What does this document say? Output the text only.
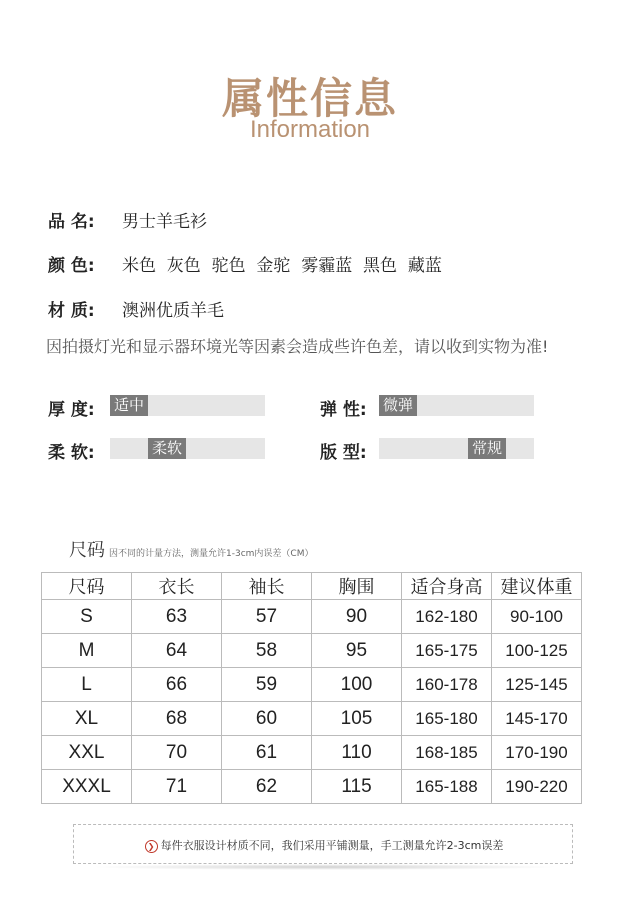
属性信息
Information
品 名: 男士羊毛衫
颜 色: 米色  灰色  驼色  金驼  雾霾蓝  黑色  藏蓝
材 质: 澳洲优质羊毛
因拍摄灯光和显示器环境光等因素会造成些许色差，请以收到实物为准!
厚 度: 适中	弹 性: 微弹
柔 软:	柔软	版 型:	常规
尺码 因不同的计量方法，测量允许1-3cm内误差（CM）
尺码	衣长	袖长	胸围	适合身高	建议体重
S	63	57	90	162-180	90-100
M	64	58	95	165-175	100-125
L	66	59	100	160-178	125-145
XL	68	60	105	165-180	145-170
XXL	70	61	110	168-185	170-190
XXXL	71	62	115	165-188	190-220
❯ 每件衣服设计材质不同，我们采用平铺测量，手工测量允许2-3cm误差
